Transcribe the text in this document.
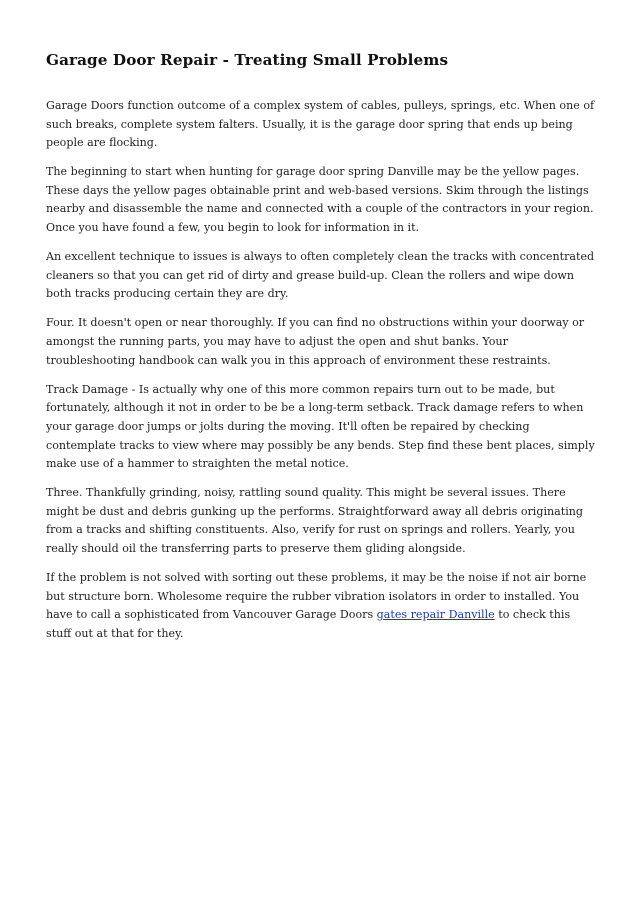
Garage Door Repair - Treating Small Problems

Garage Doors function outcome of a complex system of cables, pulleys, springs, etc. When one of such breaks, complete system falters. Usually, it is the garage door spring that ends up being people are flocking.

The beginning to start when hunting for garage door spring Danville may be the yellow pages. These days the yellow pages obtainable print and web-based versions. Skim through the listings nearby and disassemble the name and connected with a couple of the contractors in your region. Once you have found a few, you begin to look for information in it.

An excellent technique to issues is always to often completely clean the tracks with concentrated cleaners so that you can get rid of dirty and grease build-up. Clean the rollers and wipe down both tracks producing certain they are dry.

Four. It doesn't open or near thoroughly. If you can find no obstructions within your doorway or amongst the running parts, you may have to adjust the open and shut banks. Your troubleshooting handbook can walk you in this approach of environment these restraints.

Track Damage - Is actually why one of this more common repairs turn out to be made, but fortunately, although it not in order to be be a long-term setback. Track damage refers to when your garage door jumps or jolts during the moving. It'll often be repaired by checking contemplate tracks to view where may possibly be any bends. Step find these bent places, simply make use of a hammer to straighten the metal notice.

Three. Thankfully grinding, noisy, rattling sound quality. This might be several issues. There might be dust and debris gunking up the performs. Straightforward away all debris originating from a tracks and shifting constituents. Also, verify for rust on springs and rollers. Yearly, you really should oil the transferring parts to preserve them gliding alongside.

If the problem is not solved with sorting out these problems, it may be the noise if not air borne but structure born. Wholesome require the rubber vibration isolators in order to installed. You have to call a sophisticated from Vancouver Garage Doors gates repair Danville to check this stuff out at that for they.
